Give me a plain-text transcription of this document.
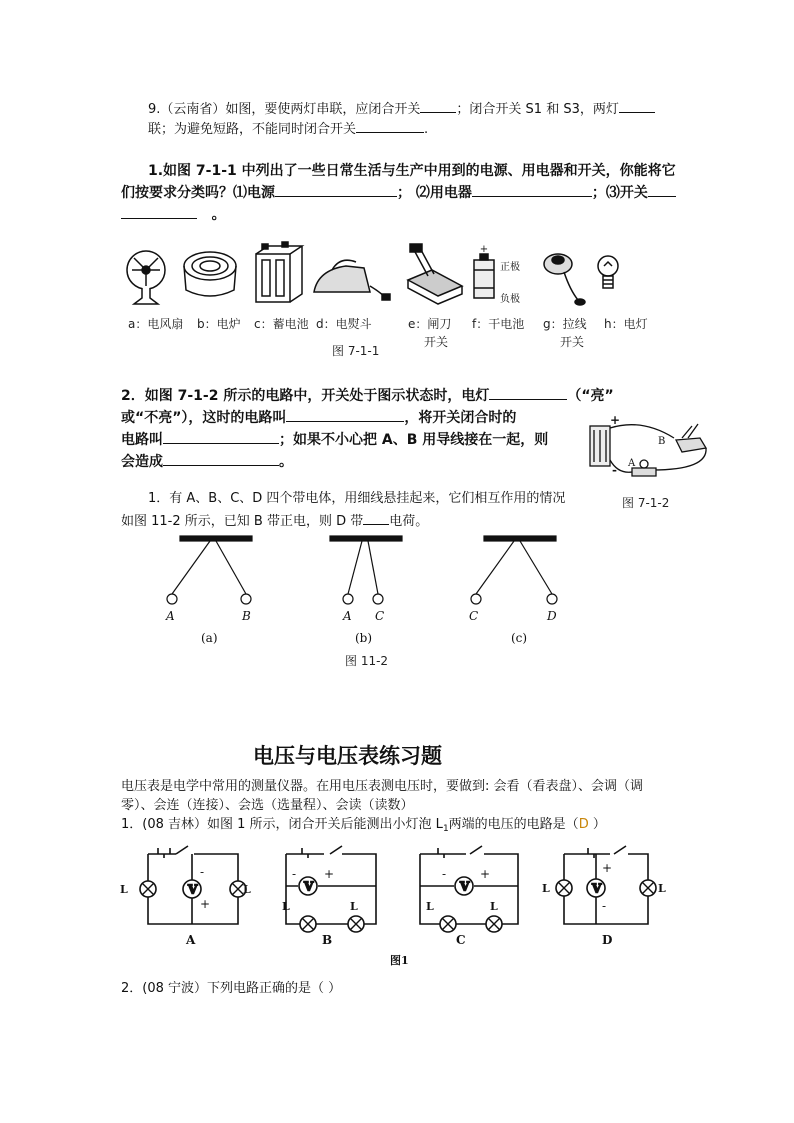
9.（云南省）如图，要使两灯串联，应闭合开关	；闭合开关 S1 和 S3，两灯
联；为避免短路，不能同时闭合开关	.
1.如图 7-1-1 中列出了一些日常生活与生产中用到的电源、用电器和开关，你能将它
们按要求分类吗？⑴电源	； ⑵用电器	；⑶开关
。
+
正极
负极
a：电风扇 b：电炉 c：蓄电池 d：电熨斗	e：闸刀
开关
f：干电池 g：拉线
开关
h：电灯
图 7-1-1
2．如图 7-1-2 所示的电路中，开关处于图示状态时，电灯	（“亮”
或“不亮”），这时的电路叫	，将开关闭合时的
电路叫	；如果不小心把 A、B 用导线接在一起，则
会造成	。
+
-
B
A
图 7-1-2
1．有 A、B、C、D 四个带电体，用细线悬挂起来，它们相互作用的情况
如图 11-2 所示，已知 B 带正电，则 D 带 电荷。
A	B	A C	C	D
(a)	(b)	(c)
图 11-2
电压与电压表练习题
电压表是电学中常用的测量仪器。在用电压表测电压时，要做到: 会看（看表盘）、会调（调
零）、会连（连接）、会选（选量程）、会读（读数）
1．(08 吉林）如图 1 所示，闭合开关后能测出小灯泡 $L_1$两端的电压的电路是（D ）
V
L	L
-
+
- +
L	L
-	+
L	L
L	L
+
-
A	B	C	D
图1
2．(08 宁波）下列电路正确的是（ ）
